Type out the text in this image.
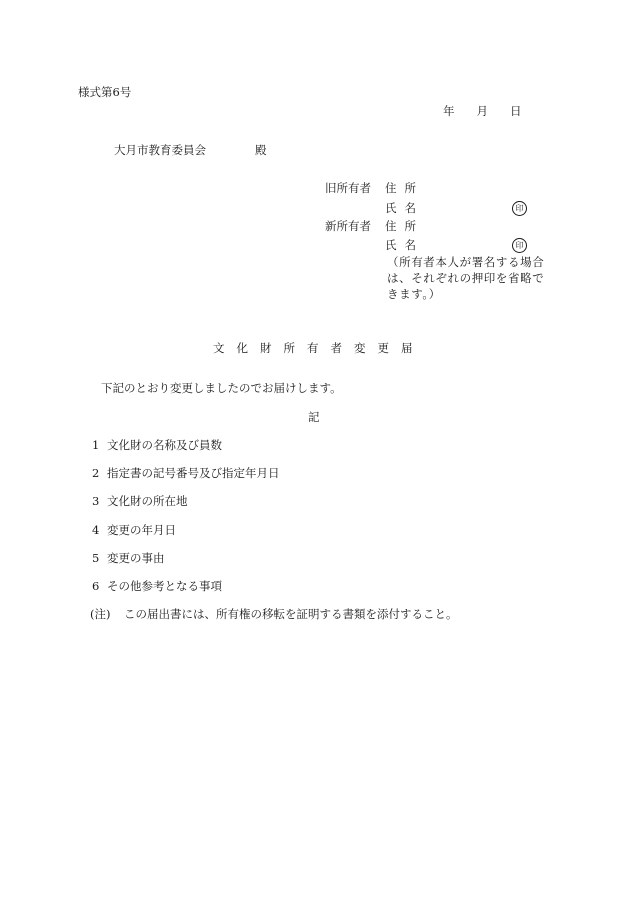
様式第6号
年 月 日
大月市教育委員会	殿
旧所有者 住所
氏名	印
新所有者 住所
氏名	印
（所有者本人が署名する場合は、それぞれの押印を省略できます。）
文化財所有者変更届
下記のとおり変更しましたのでお届けします。
記
1 文化財の名称及び員数
2 指定書の記号番号及び指定年月日
3 文化財の所在地
4 変更の年月日
5 変更の事由
6 その他参考となる事項
(注) この届出書には、所有権の移転を証明する書類を添付すること。
